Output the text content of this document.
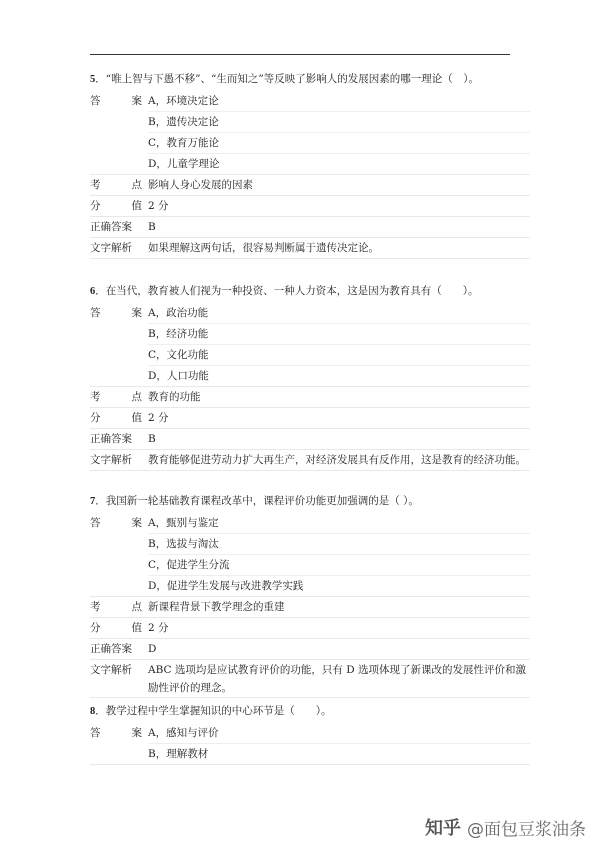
5．“唯上智与下愚不移”、“生而知之”等反映了影响人的发展因素的哪一理论（　）。
答	案 A，环境决定论
B，遗传决定论
C，教育万能论
D，儿童学理论
考	点 影响人身心发展的因素
分	值 2 分
正确答案	B
文字解析	如果理解这两句话，很容易判断属于遗传决定论。
6．在当代，教育被人们视为一种投资、一种人力资本，这是因为教育具有（　　）。
答	案 A，政治功能
B，经济功能
C，文化功能
D，人口功能
考	点 教育的功能
分	值 2 分
正确答案	B
文字解析	教育能够促进劳动力扩大再生产，对经济发展具有反作用，这是教育的经济功能。
7．我国新一轮基础教育课程改革中，课程评价功能更加强调的是（ ）。
答	案 A，甄别与鉴定
B，选拔与淘汰
C，促进学生分流
D，促进学生发展与改进教学实践
考	点 新课程背景下教学理念的重建
分	值 2 分
正确答案	D
文字解析	ABC 选项均是应试教育评价的功能，只有 D 选项体现了新课改的发展性评价和激励性评价的理念。
8．教学过程中学生掌握知识的中心环节是（　　）。
答	案 A，感知与评价
B，理解教材
知乎 @面包豆浆油条
